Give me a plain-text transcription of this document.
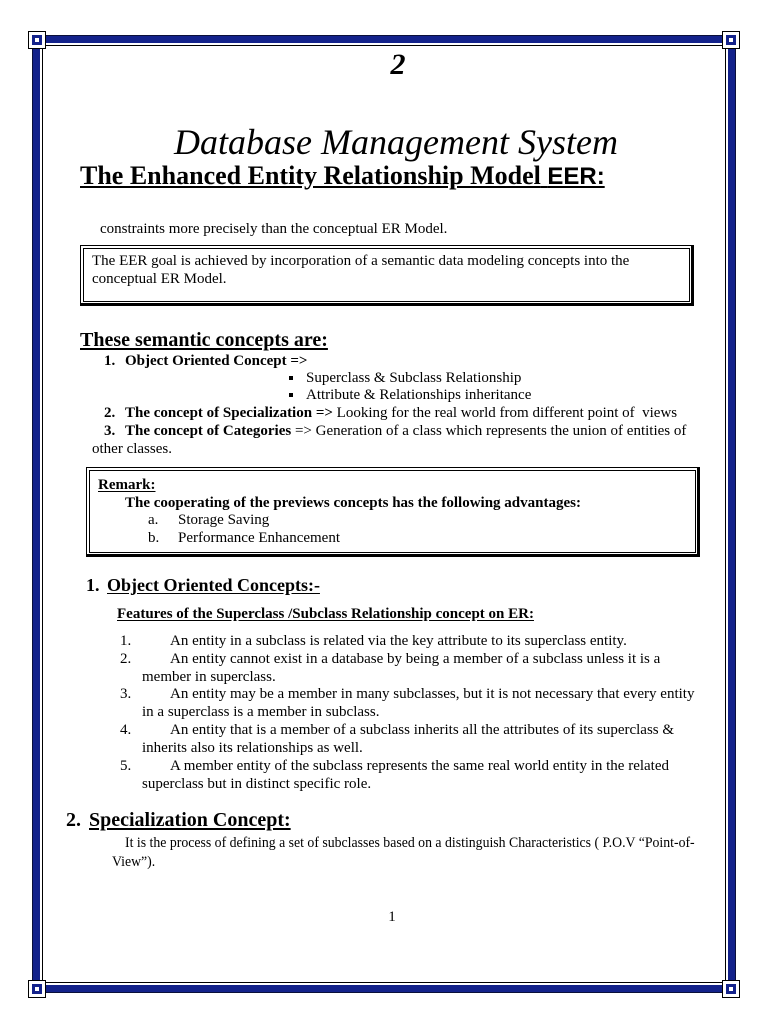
2
Database Management System
The Enhanced Entity Relationship Model EER:
constraints more precisely than the conceptual ER Model.
The EER goal is achieved by incorporation of a semantic data modeling concepts into the
conceptual ER Model.
These semantic concepts are:
1. Object Oriented Concept =>
Superclass & Subclass Relationship
Attribute & Relationships inheritance
2. The concept of Specialization => Looking for the real world from different point of  views
3. The concept of Categories => Generation of a class which represents the union of entities of
other classes.
Remark:
The cooperating of the previews concepts has the following advantages:
a. Storage Saving
b. Performance Enhancement
1. Object Oriented Concepts:-
Features of the Superclass /Subclass Relationship concept on ER:
1.	An entity in a subclass is related via the key attribute to its superclass entity.
2.	An entity cannot exist in a database by being a member of a subclass unless it is a
member in superclass.
3.	An entity may be a member in many subclasses, but it is not necessary that every entity
in a superclass is a member in subclass.
4.	An entity that is a member of a subclass inherits all the attributes of its superclass &
inherits also its relationships as well.
5.	A member entity of the subclass represents the same real world entity in the related
superclass but in distinct specific role.
2. Specialization Concept:
It is the process of defining a set of subclasses based on a distinguish Characteristics ( P.O.V “Point-of-
View”).
1
